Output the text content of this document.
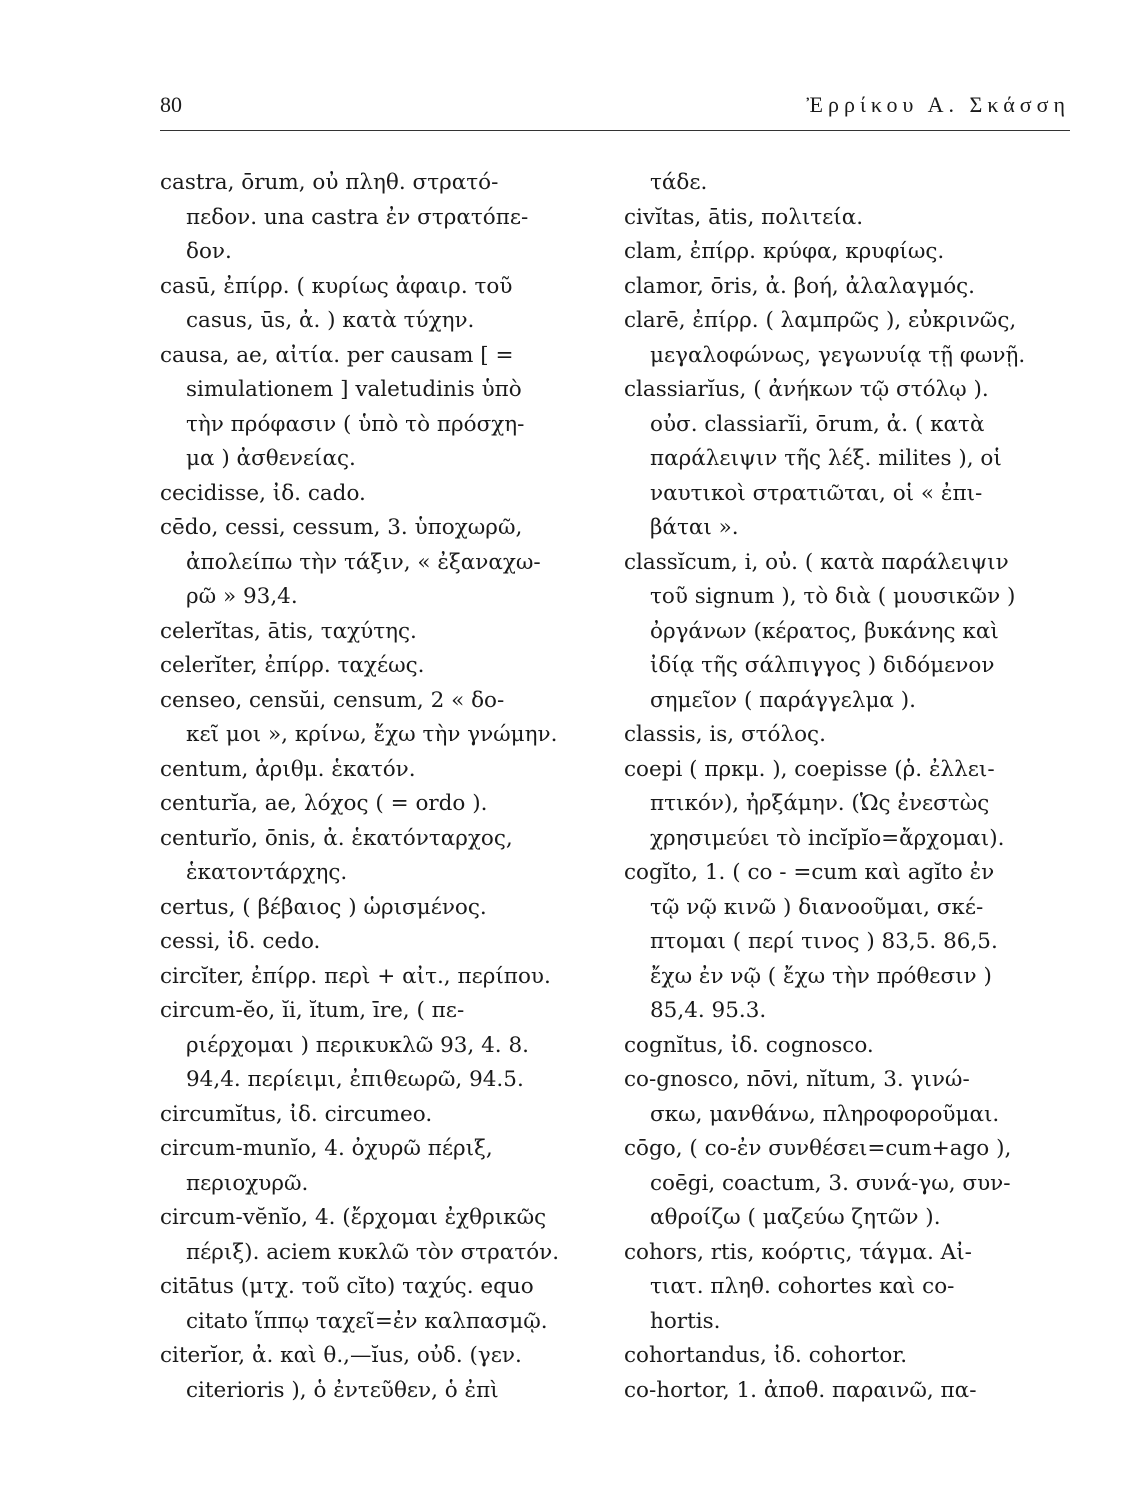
80	Ἐρρίκου Α. Σκάσση
castra, ōrum, οὐ πληθ. στρατό-
πεδον. una castra ἐν στρατόπε-
δον.
casū, ἐπίρρ. ( κυρίως ἀφαιρ. τοῦ
casus, ūs, ἀ. ) κατὰ τύχην.
causa, ae, αἰτία. per causam [ =
simulationem ] valetudinis ὑπὸ
τὴν πρόφασιν ( ὑπὸ τὸ πρόσχη-
μα ) ἀσθενείας.
cecidisse, ἰδ. cado.
cēdo, cessi, cessum, 3. ὑποχωρῶ,
ἀπολείπω τὴν τάξιν, « ἐξαναχω-
ρῶ » 93,4.
celerĭtas, ātis, ταχύτης.
celerĭter, ἐπίρρ. ταχέως.
censeo, censŭi, censum, 2 « δο-
κεῖ μοι », κρίνω, ἔχω τὴν γνώμην.
centum, ἀριθμ. ἑκατόν.
centurĭa, ae, λόχος ( = ordo ).
centurĭo, ōnis, ἀ. ἑκατόνταρχος,
ἑκατοντάρχης.
certus, ( βέβαιος ) ὡρισμένος.
cessi, ἰδ. cedo.
circĭter, ἐπίρρ. περὶ + αἰτ., περίπου.
circum-ĕo, ĭi, ĭtum, īre, ( πε-
ριέρχομαι ) περικυκλῶ 93, 4. 8.
94,4. περίειμι, ἐπιθεωρῶ, 94.5.
circumĭtus, ἰδ. circumeo.
circum-munĭo, 4. ὀχυρῶ πέριξ,
περιοχυρῶ.
circum-vĕnĭo, 4. (ἔρχομαι ἐχθρικῶς
πέριξ). aciem κυκλῶ τὸν στρατόν.
citātus (μτχ. τοῦ cĭto) ταχύς. equo
citato ἵππῳ ταχεῖ=ἐν καλπασμῷ.
citerĭor, ἀ. καὶ θ.,—ĭus, οὐδ. (γεν.
citerioris ), ὁ ἐντεῦθεν, ὁ ἐπὶ
τάδε.
civĭtas, ātis, πολιτεία.
clam, ἐπίρρ. κρύφα, κρυφίως.
clamor, ōris, ἀ. βοή, ἀλαλαγμός.
clarē, ἐπίρρ. ( λαμπρῶς ), εὐκρινῶς,
μεγαλοφώνως, γεγωνυίᾳ τῇ φωνῇ.
classiarĭus, ( ἀνήκων τῷ στόλῳ ).
οὐσ. classiarĭi, ōrum, ἀ. ( κατὰ
παράλειψιν τῆς λέξ. milites ), οἱ
ναυτικοὶ στρατιῶται, οἱ « ἐπι-
βάται ».
classĭcum, i, οὐ. ( κατὰ παράλειψιν
τοῦ signum ), τὸ διὰ ( μουσικῶν )
ὀργάνων (κέρατος, βυκάνης καὶ
ἰδίᾳ τῆς σάλπιγγος ) διδόμενον
σημεῖον ( παράγγελμα ).
classis, is, στόλος.
coepi ( πρκμ. ), coepisse (ῥ. ἐλλει-
πτικόν), ἠρξάμην. (Ὡς ἐνεστὼς
χρησιμεύει τὸ incĭpĭo=ἄρχομαι).
cogĭto, 1. ( co - =cum καὶ agĭto ἐν
τῷ νῷ κινῶ ) διανοοῦμαι, σκέ-
πτομαι ( περί τινος ) 83,5. 86,5.
ἔχω ἐν νῷ ( ἔχω τὴν πρόθεσιν )
85,4. 95.3.
cognĭtus, ἰδ. cognosco.
co-gnosco, nōvi, nĭtum, 3. γινώ-
σκω, μανθάνω, πληροφοροῦμαι.
cōgo, ( co-ἐν συνθέσει=cum+ago ),
coēgi, coactum, 3. συνά-γω, συν-
αθροίζω ( μαζεύω ζητῶν ).
cohors, rtis, κοόρτις, τάγμα. Αἰ-
τιατ. πληθ. cohortes καὶ co-
hortis.
cohortandus, ἰδ. cohortor.
co-hortor, 1. ἀποθ. παραινῶ, πα-
